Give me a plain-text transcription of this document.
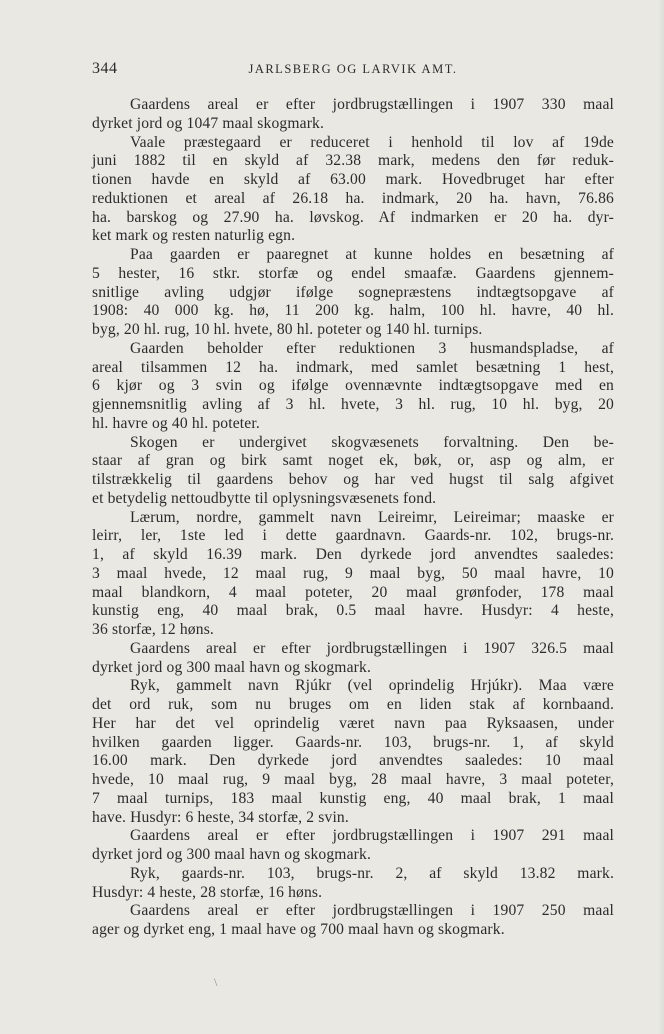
344	JARLSBERG OG LARVIK AMT.
Gaardens areal er efter jordbrugstællingen i 1907 330 maal
dyrket jord og 1047 maal skogmark.
Vaale præstegaard er reduceret i henhold til lov af 19de
juni 1882 til en skyld af 32.38 mark, medens den før reduk-
tionen havde en skyld af 63.00 mark. Hovedbruget har efter
reduktionen et areal af 26.18 ha. indmark, 20 ha. havn, 76.86
ha. barskog og 27.90 ha. løvskog. Af indmarken er 20 ha. dyr-
ket mark og resten naturlig egn.
Paa gaarden er paaregnet at kunne holdes en besætning af
5 hester, 16 stkr. storfæ og endel smaafæ. Gaardens gjennem-
snitlige avling udgjør ifølge sognepræstens indtægtsopgave af
1908: 40 000 kg. hø, 11 200 kg. halm, 100 hl. havre, 40 hl.
byg, 20 hl. rug, 10 hl. hvete, 80 hl. poteter og 140 hl. turnips.
Gaarden beholder efter reduktionen 3 husmandspladse, af
areal tilsammen 12 ha. indmark, med samlet besætning 1 hest,
6 kjør og 3 svin og ifølge ovennævnte indtægtsopgave med en
gjennemsnitlig avling af 3 hl. hvete, 3 hl. rug, 10 hl. byg, 20
hl. havre og 40 hl. poteter.
Skogen er undergivet skogvæsenets forvaltning. Den be-
staar af gran og birk samt noget ek, bøk, or, asp og alm, er
tilstrækkelig til gaardens behov og har ved hugst til salg afgivet
et betydelig nettoudbytte til oplysningsvæsenets fond.
Lærum, nordre, gammelt navn Leireimr, Leireimar; maaske er
leirr, ler, 1ste led i dette gaardnavn. Gaards-nr. 102, brugs-nr.
1, af skyld 16.39 mark. Den dyrkede jord anvendtes saaledes:
3 maal hvede, 12 maal rug, 9 maal byg, 50 maal havre, 10
maal blandkorn, 4 maal poteter, 20 maal grønfoder, 178 maal
kunstig eng, 40 maal brak, 0.5 maal havre. Husdyr: 4 heste,
36 storfæ, 12 høns.
Gaardens areal er efter jordbrugstællingen i 1907 326.5 maal
dyrket jord og 300 maal havn og skogmark.
Ryk, gammelt navn Rjúkr (vel oprindelig Hrjúkr). Maa være
det ord ruk, som nu bruges om en liden stak af kornbaand.
Her har det vel oprindelig været navn paa Ryksaasen, under
hvilken gaarden ligger. Gaards-nr. 103, brugs-nr. 1, af skyld
16.00 mark. Den dyrkede jord anvendtes saaledes: 10 maal
hvede, 10 maal rug, 9 maal byg, 28 maal havre, 3 maal poteter,
7 maal turnips, 183 maal kunstig eng, 40 maal brak, 1 maal
have. Husdyr: 6 heste, 34 storfæ, 2 svin.
Gaardens areal er efter jordbrugstællingen i 1907 291 maal
dyrket jord og 300 maal havn og skogmark.
Ryk, gaards-nr. 103, brugs-nr. 2, af skyld 13.82 mark.
Husdyr: 4 heste, 28 storfæ, 16 høns.
Gaardens areal er efter jordbrugstællingen i 1907 250 maal
ager og dyrket eng, 1 maal have og 700 maal havn og skogmark.
\
